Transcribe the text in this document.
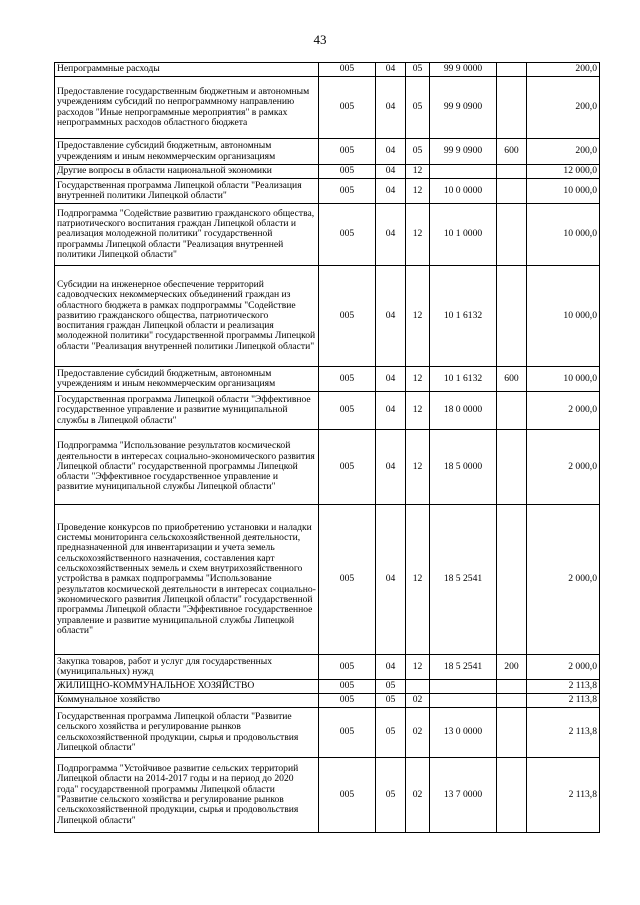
43
Непрограммные расходы	005	04	05	99 9 0000		200,0
Предоставление государственным бюджетным и автономным учреждениям субсидий по непрограммному направлению расходов "Иные непрограммные мероприятия" в рамках непрограммных расходов областного бюджета	005	04	05	99 9 0900		200,0
Предоставление субсидий бюджетным, автономным учреждениям и иным некоммерческим организациям	005	04	05	99 9 0900	600	200,0
Другие вопросы в области национальной экономики	005	04	12			12 000,0
Государственная программа Липецкой области "Реализация внутренней политики Липецкой области"	005	04	12	10 0 0000		10 000,0
Подпрограмма "Содействие развитию гражданского общества, патриотического воспитания граждан Липецкой области и реализация молодежной политики" государственной программы Липецкой области "Реализация внутренней политики Липецкой области"	005	04	12	10 1 0000		10 000,0
Субсидии на инженерное обеспечение территорий садоводческих некоммерческих объединений граждан из областного бюджета в рамках подпрограммы "Содействие развитию гражданского общества, патриотического воспитания граждан Липецкой области и реализация молодежной политики" государственной программы Липецкой области "Реализация внутренней политики Липецкой области"	005	04	12	10 1 6132		10 000,0
Предоставление субсидий бюджетным, автономным учреждениям и иным некоммерческим организациям	005	04	12	10 1 6132	600	10 000,0
Государственная программа Липецкой области "Эффективное государственное управление и развитие муниципальной службы в Липецкой области"	005	04	12	18 0 0000		2 000,0
Подпрограмма "Использование результатов космической деятельности в интересах социально-экономического развития Липецкой области" государственной программы Липецкой области "Эффективное государственное управление и развитие муниципальной службы Липецкой области"	005	04	12	18 5 0000		2 000,0
Проведение конкурсов по приобретению установки и наладки системы мониторинга сельскохозяйственной деятельности, предназначенной для инвентаризации и учета земель сельскохозяйственного назначения, составления карт сельскохозяйственных земель и схем внутрихозяйственного устройства в рамках подпрограммы "Использование результатов космической деятельности в интересах социально-экономического развития Липецкой области" государственной программы Липецкой области "Эффективное государственное управление и развитие муниципальной службы Липецкой области"	005	04	12	18 5 2541		2 000,0
Закупка товаров, работ и услуг для государственных (муниципальных) нужд	005	04	12	18 5 2541	200	2 000,0
ЖИЛИЩНО-КОММУНАЛЬНОЕ ХОЗЯЙСТВО	005	05				2 113,8
Коммунальное хозяйство	005	05	02			2 113,8
Государственная программа Липецкой области "Развитие сельского хозяйства и регулирование рынков сельскохозяйственной продукции, сырья и продовольствия Липецкой области"	005	05	02	13 0 0000		2 113,8
Подпрограмма "Устойчивое развитие сельских территорий Липецкой области на 2014-2017 годы и на период до 2020 года" государственной программы Липецкой области "Развитие сельского хозяйства и регулирование рынков сельскохозяйственной продукции, сырья и продовольствия Липецкой области"	005	05	02	13 7 0000		2 113,8
